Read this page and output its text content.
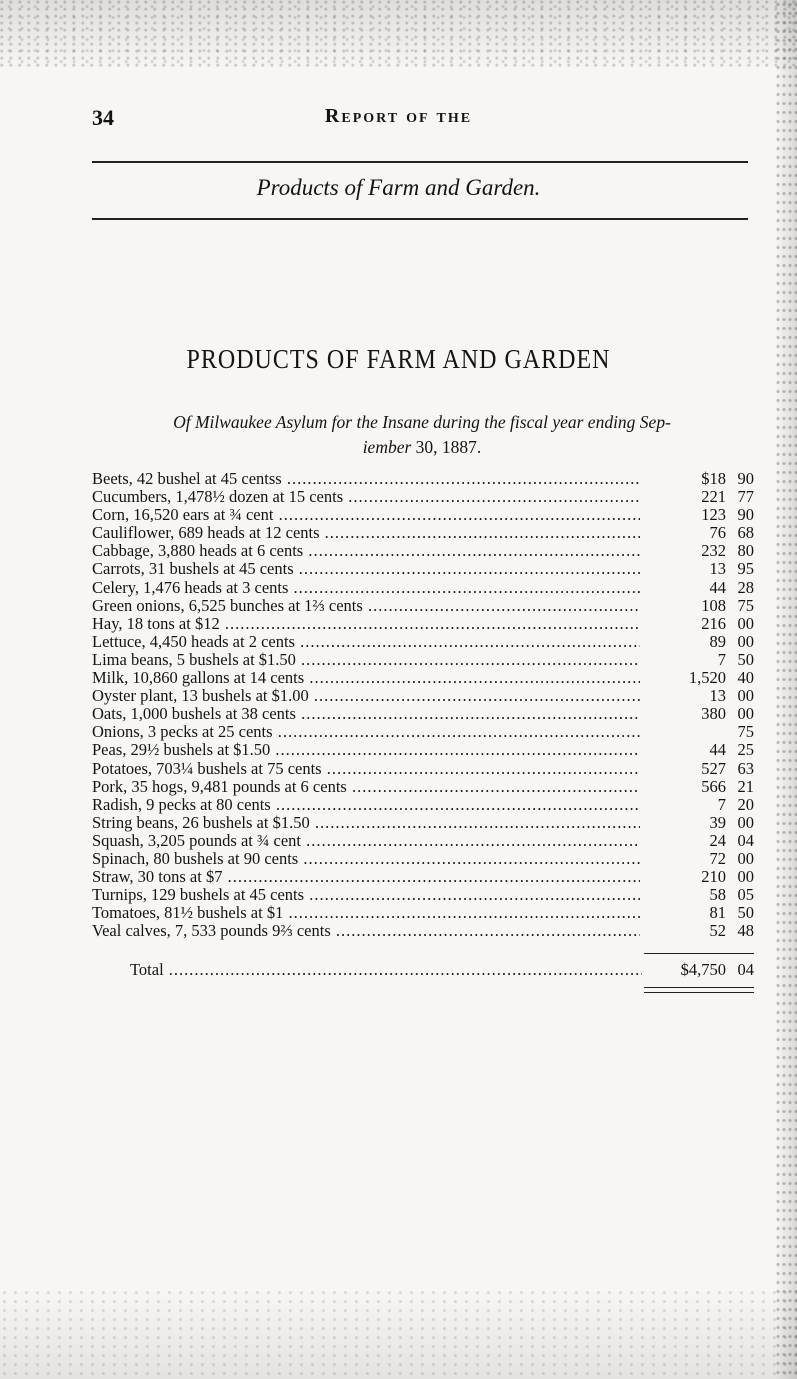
34	Report of the
Products of Farm and Garden.
PRODUCTS OF FARM AND GARDEN
Of Milwaukee Asylum for the Insane during the fiscal year ending Sep-
iember 30, 1887.
Beets, 42 bushel at 45 centss .....	$18 90
Cucumbers, 1,478½ dozen at 15 cents .....	221 77
Corn, 16,520 ears at ¾ cent .....	123 90
Cauliflower, 689 heads at 12 cents .....	76 68
Cabbage, 3,880 heads at 6 cents .....	232 80
Carrots, 31 bushels at 45 cents .....	13 95
Celery, 1,476 heads at 3 cents .....	44 28
Green onions, 6,525 bunches at 1⅔ cents .....	108 75
Hay, 18 tons at $12 .....	216 00
Lettuce, 4,450 heads at 2 cents .....	89 00
Lima beans, 5 bushels at $1.50 .....	7 50
Milk, 10,860 gallons at 14 cents .....	1,520 40
Oyster plant, 13 bushels at $1.00 .....	13 00
Oats, 1,000 bushels at 38 cents .....	380 00
Onions, 3 pecks at 25 cents .....	75
Peas, 29½ bushels at $1.50 .....	44 25
Potatoes, 703¼ bushels at 75 cents .....	527 63
Pork, 35 hogs, 9,481 pounds at 6 cents .....	566 21
Radish, 9 pecks at 80 cents .....	7 20
String beans, 26 bushels at $1.50 .....	39 00
Squash, 3,205 pounds at ¾ cent .....	24 04
Spinach, 80 bushels at 90 cents .....	72 00
Straw, 30 tons at $7 .....	210 00
Turnips, 129 bushels at 45 cents .....	58 05
Tomatoes, 81½ bushels at $1 .....	81 50
Veal calves, 7, 533 pounds 9⅔ cents .....	52 48
Total .....	$4,750 04
